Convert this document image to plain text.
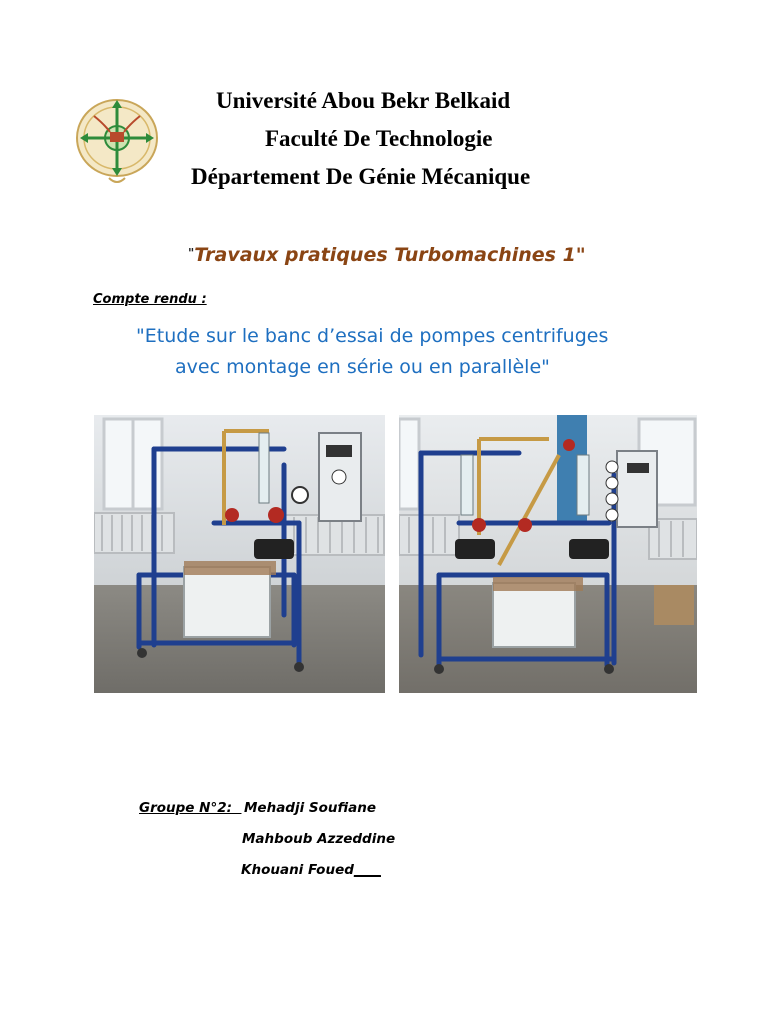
Université Abou Bekr Belkaid
Faculté De Technologie
Département De Génie Mécanique
"Travaux pratiques Turbomachines 1"
Compte rendu :
"Etude sur le banc d’essai de pompes centrifuges
avec montage en série ou en parallèle"
Groupe N°2: Mehadji Soufiane
Mahboub Azzeddine
Khouani Foued____
